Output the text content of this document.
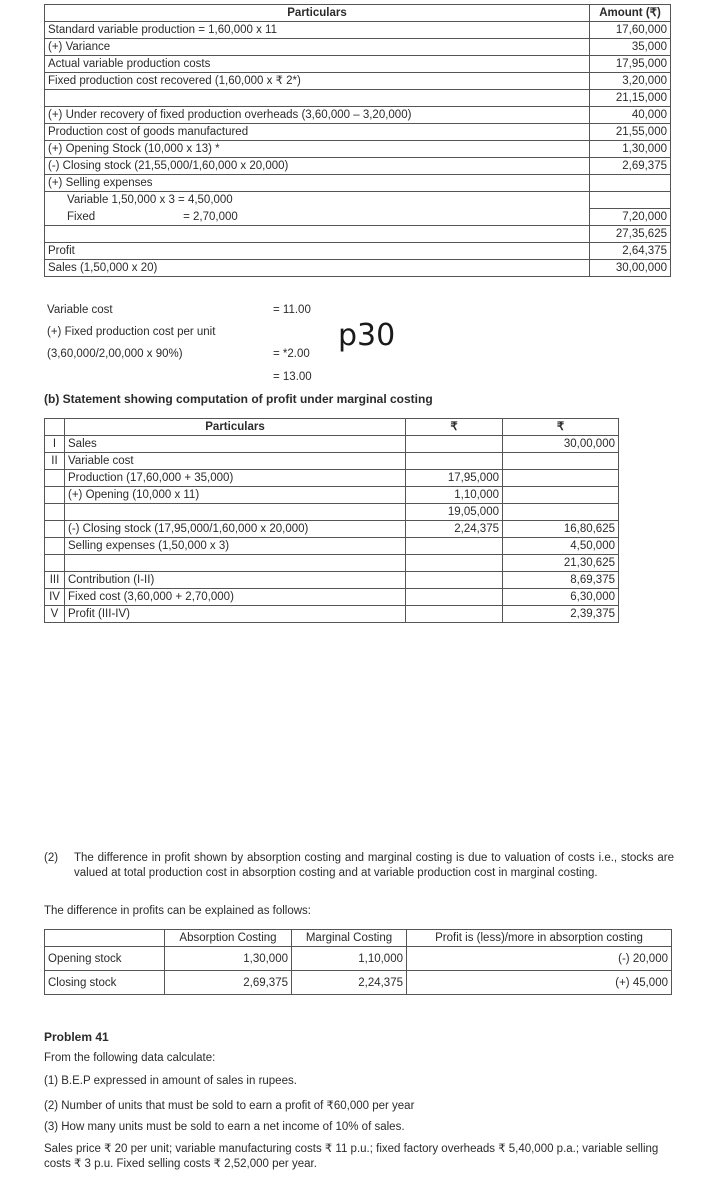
Particulars	Amount (₹)
Standard variable production = 1,60,000 x 11	17,60,000
(+) Variance	35,000
Actual variable production costs	17,95,000
Fixed production cost recovered (1,60,000 x ₹ 2*)	3,20,000
	21,15,000
(+) Under recovery of fixed production overheads (3,60,000 – 3,20,000)	40,000
Production cost of goods manufactured	21,55,000
(+) Opening Stock (10,000 x 13) *	1,30,000
(-) Closing stock (21,55,000/1,60,000 x 20,000)	2,69,375
(+) Selling expenses	
Variable 1,50,000 x 3 = 4,50,000	
Fixed = 2,70,000	7,20,000
	27,35,625
Profit	2,64,375
Sales (1,50,000 x 20)	30,00,000
Variable cost	= 11.00
(+) Fixed production cost per unit
(3,60,000/2,00,000 x 90%)	= *2.00
p30
= 13.00
(b) Statement showing computation of profit under marginal costing
	Particulars	₹	₹
I	Sales		30,00,000
II	Variable cost		
	Production (17,60,000 + 35,000)	17,95,000	
	(+) Opening (10,000 x 11)	1,10,000	
		19,05,000	
	(-) Closing stock (17,95,000/1,60,000 x 20,000)	2,24,375	16,80,625
	Selling expenses (1,50,000 x 3)		4,50,000
			21,30,625
III	Contribution (I-II)		8,69,375
IV	Fixed cost (3,60,000 + 2,70,000)		6,30,000
V	Profit (III-IV)		2,39,375
(2) The difference in profit shown by absorption costing and marginal costing is due to valuation of costs i.e., stocks are valued at total production cost in absorption costing and at variable production cost in marginal costing.

The difference in profits can be explained as follows:
	Absorption Costing	Marginal Costing	Profit is (less)/more in absorption costing
Opening stock	1,30,000	1,10,000	(-) 20,000
Closing stock	2,69,375	2,24,375	(+) 45,000
Problem 41
From the following data calculate:
(1) B.E.P expressed in amount of sales in rupees.
(2) Number of units that must be sold to earn a profit of ₹60,000 per year
(3) How many units must be sold to earn a net income of 10% of sales.
Sales price ₹ 20 per unit; variable manufacturing costs ₹ 11 p.u.; fixed factory overheads ₹ 5,40,000 p.a.; variable selling costs ₹ 3 p.u. Fixed selling costs ₹ 2,52,000 per year.
